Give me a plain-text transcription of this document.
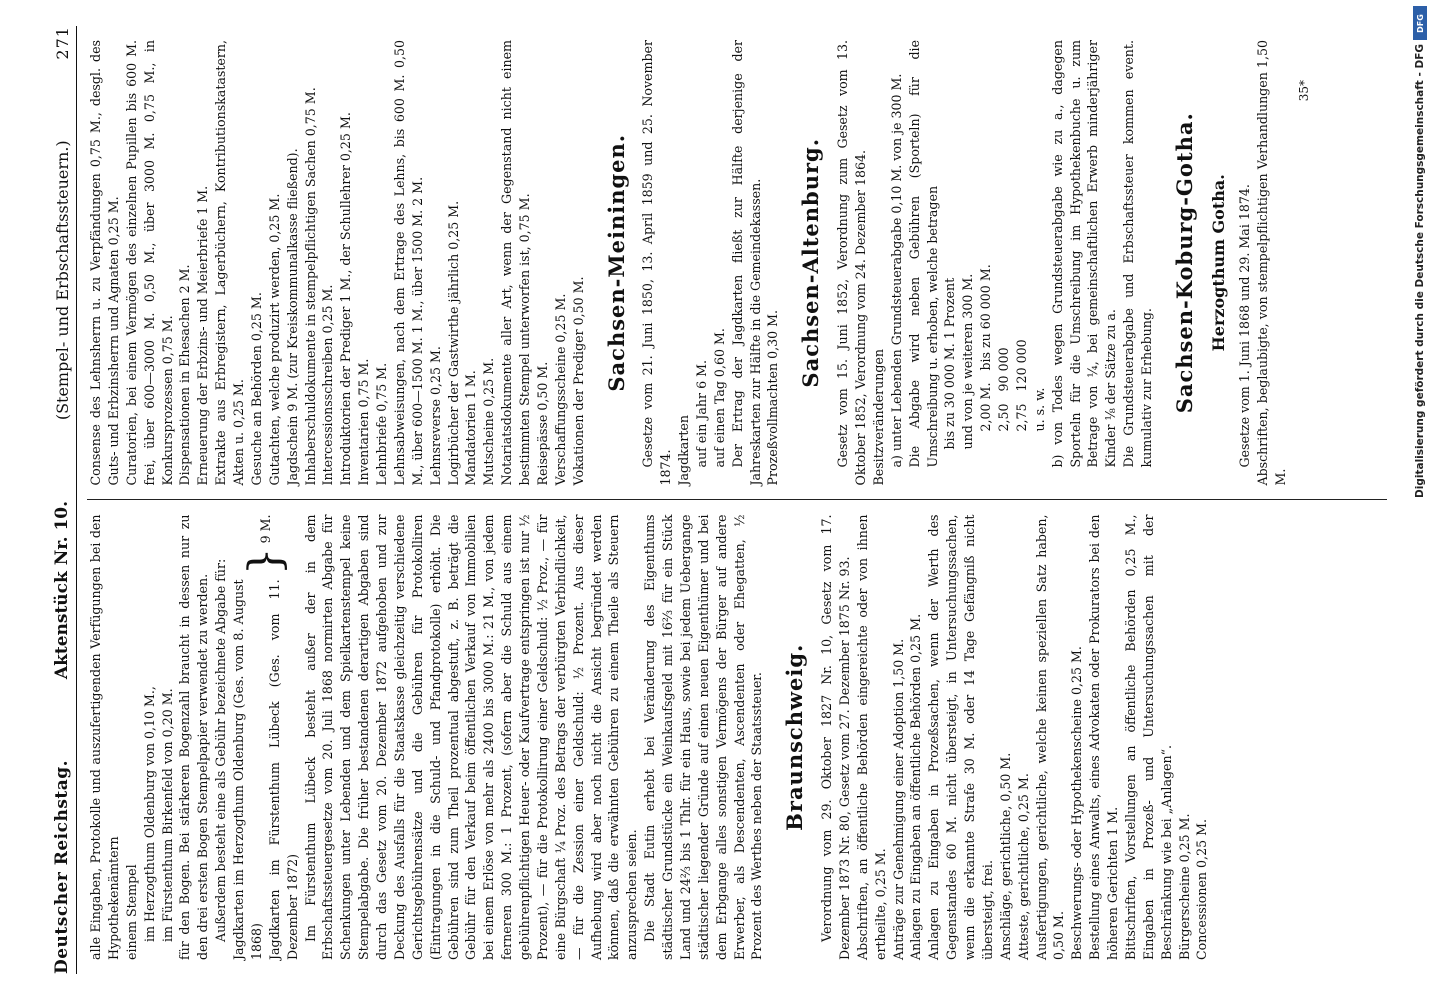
Deutscher Reichstag.
Aktenstück Nr. 10.
(Stempel- und Erbschaftssteuern.)
271

alle Eingaben, Protokolle und auszufertigenden Verfügungen bei den Hypothekenämtern einem Stempel im Herzogthum Oldenburg von 0,10 M., im Fürstenthum Birkenfeld von 0,20 M. für den Bogen. Bei stärkeren Bogenzahl braucht in dessen nur zu den drei ersten Bogen Stempelpapier verwendet zu werden. Außerdem besteht eine als Gebühr bezeichnete Abgabe für: Jagdkarten im Herzogthum Oldenburg (Ges. vom 8. August 1868) Jagdkarten im Fürstenthum Lübeck (Ges. vom 11. Dezember 1872)

}
9 M. Im Fürstenthum Lübeck besteht außer der in dem Erbschaftssteuergesetze vom 20. Juli 1868 normirten Abgabe für Schenkungen unter Lebenden und dem Spielkartenstempel keine Stempelabgabe. Die früher bestandenen derartigen Abgaben sind durch das Gesetz vom 20. Dezember 1872 aufgehoben und zur Deckung des Ausfalls für die Staatskasse gleichzeitig verschiedene Gerichtsgebührensätze und die Gebühren für Protokolliren (Eintragungen in die Schuld- und Pfandprotokolle) erhöht. Die Gebühren sind zum Theil prozentual abgestuft, z. B. beträgt die Gebühr für den Verkauf beim öffentlichen Verkauf von Immobilien bei einem Erlöse von mehr als 2400 bis 3000 M.: 21 M., von jedem ferneren 300 M.: 1 Prozent, (sofern aber die Schuld aus einem gebührenpflichtigen Heuer- oder Kaufvertrage entspringen ist nur ½ Prozent), — für die Protokollirung einer Geldschuld: ½ Proz., — für eine Bürgschaft ¼ Proz. des Betrags der verbürgten Verbindlichkeit, — für die Zession einer Geldschuld: ½ Prozent. Aus dieser Aufhebung wird aber noch nicht die Ansicht begründet werden können, daß die erwähnten Gebühren zu einem Theile als Steuern anzusprechen seien. Die Stadt Eutin erhebt bei Veränderung des Eigenthums städtischer Grundstücke ein Weinkaufsgeld mit 16⅔ für ein Stück Land und 24⅔ bis 1 Thlr. für ein Haus, sowie bei jedem Uebergange städtischer liegender Gründe auf einen neuen Eigenthümer und bei dem Erbgange alles sonstigen Vermögens der Bürger auf andere Erwerber, als Descendenten, Ascendenten oder Ehegatten, ½ Prozent des Werthes neben der Staatssteuer. Braunschweig. Verordnung vom 29. Oktober 1827 Nr. 10, Gesetz vom 17. Dezember 1873 Nr. 80, Gesetz vom 27. Dezember 1875 Nr. 93. Abschriften, an öffentliche Behörden eingereichte oder von ihnen ertheilte, 0,25 M. Anträge zur Genehmigung einer Adoption 1,50 M. Anlagen zu Eingaben an öffentliche Behörden 0,25 M. Anlagen zu Eingaben in Prozeßsachen, wenn der Werth des Gegenstandes 60 M. nicht übersteigt, in Untersuchungssachen, wenn die erkannte Strafe 30 M. oder 14 Tage Gefängniß nicht übersteigt, frei. Anschläge, gerichtliche, 0,50 M. Atteste, gerichtliche, 0,25 M. Ausfertigungen, gerichtliche, welche keinen speziellen Satz haben, 0,50 M. Beschwerungs- oder Hypothekenscheine 0,25 M. Bestellung eines Anwalts, eines Advokaten oder Prokurators bei den höheren Gerichten 1 M. Bittschriften, Vorstellungen an öffentliche Behörden 0,25 M., Eingaben in Prozeß- und Untersuchungssachen mit der Beschränkung wie bei „Anlagen“. Bürgerscheine 0,25 M. Concessionen 0,25 M.

Consense des Lehnsherrn u. zu Verpfändungen 0,75 M., desgl. des Guts- und Erbzinsherrn und Agnaten 0,25 M. Curatorien, bei einem Vermögen des einzelnen Pupillen bis 600 M. frei, über 600—3000 M. 0,50 M., über 3000 M. 0,75 M., in Konkursprozessen 0,75 M. Dispensationen in Ehesachen 2 M. Erneuerung der Erbzins- und Meierbriefe 1 M. Extrakte aus Erbregistern, Lagerbüchern, Kontributionskatastern, Akten u. 0,25 M. Gesuche an Behörden 0,25 M. Gutachten, welche produzirt werden, 0,25 M. Jagdschein 9 M. (zur Kreiskommunalkasse fließend). Inhaberschuldokumente in stempelpflichtigen Sachen 0,75 M. Intercessionsschreiben 0,25 M. Introduktorien der Prediger 1 M., der Schullehrer 0,25 M. Inventarien 0,75 M. Lehnbriefe 0,75 M. Lehnsabweisungen, nach dem Ertrage des Lehns, bis 600 M. 0,50 M., über 600—1500 M. 1 M., über 1500 M. 2 M. Lehnsreverse 0,25 M. Logirbücher der Gastwirthe jährlich 0,25 M. Mandatorien 1 M. Mutscheine 0,25 M. Notariatsdokumente aller Art, wenn der Gegenstand nicht einem bestimmten Stempel unterworfen ist, 0,75 M. Reisepässe 0,50 M. Verschaffungsscheine 0,25 M. Vokationen der Prediger 0,50 M. Sachsen-Meiningen. Gesetze vom 21. Juni 1850, 13. April 1859 und 25. November 1874. Jagdkarten auf ein Jahr 6 M. auf einen Tag 0,60 M. Der Ertrag der Jagdkarten fließt zur Hälfte derjenige der Jahreskarten zur Hälfte in die Gemeindekassen. Prozeßvollmachten 0,30 M.

Sachsen-Altenburg. Gesetz vom 15. Juni 1852, Verordnung zum Gesetz vom 13. Oktober 1852, Verordnung vom 24. Dezember 1864. Besitzveränderungen a) unter Lebenden Grundsteuerabgabe 0,10 M. von je 300 M. Die Abgabe wird neben Gebühren (Sporteln) für die Umschreibung u. erhoben, welche betragen bis zu 30 000 M. 1 Prozent und von je weiteren 300 M. 2,00 M.
bis zu 60 000 M.
2,50
90 000
2,75
120 000

u. s. w. b) von Todes wegen Grundsteuerabgabe wie zu a., dagegen Sporteln für die Umschreibung im Hypothekenbuche u. zum Betrage von ¼, bei gemeinschaftlichen Erwerb minderjähriger Kinder ⅛ der Sätze zu a. Die Grundsteuerabgabe und Erbschaftssteuer kommen event. kumulativ zur Erhebung. Sachsen-Koburg-Gotha. Herzogthum Gotha. Gesetze vom 1. Juni 1868 und 29. Mai 1874. Abschriften, beglaubigte, von stempelpflichtigen Verhandlungen 1,50 M.

35*

DFG
Digitalisierung gefördert durch die Deutsche Forschungsgemeinschaft - DFG
